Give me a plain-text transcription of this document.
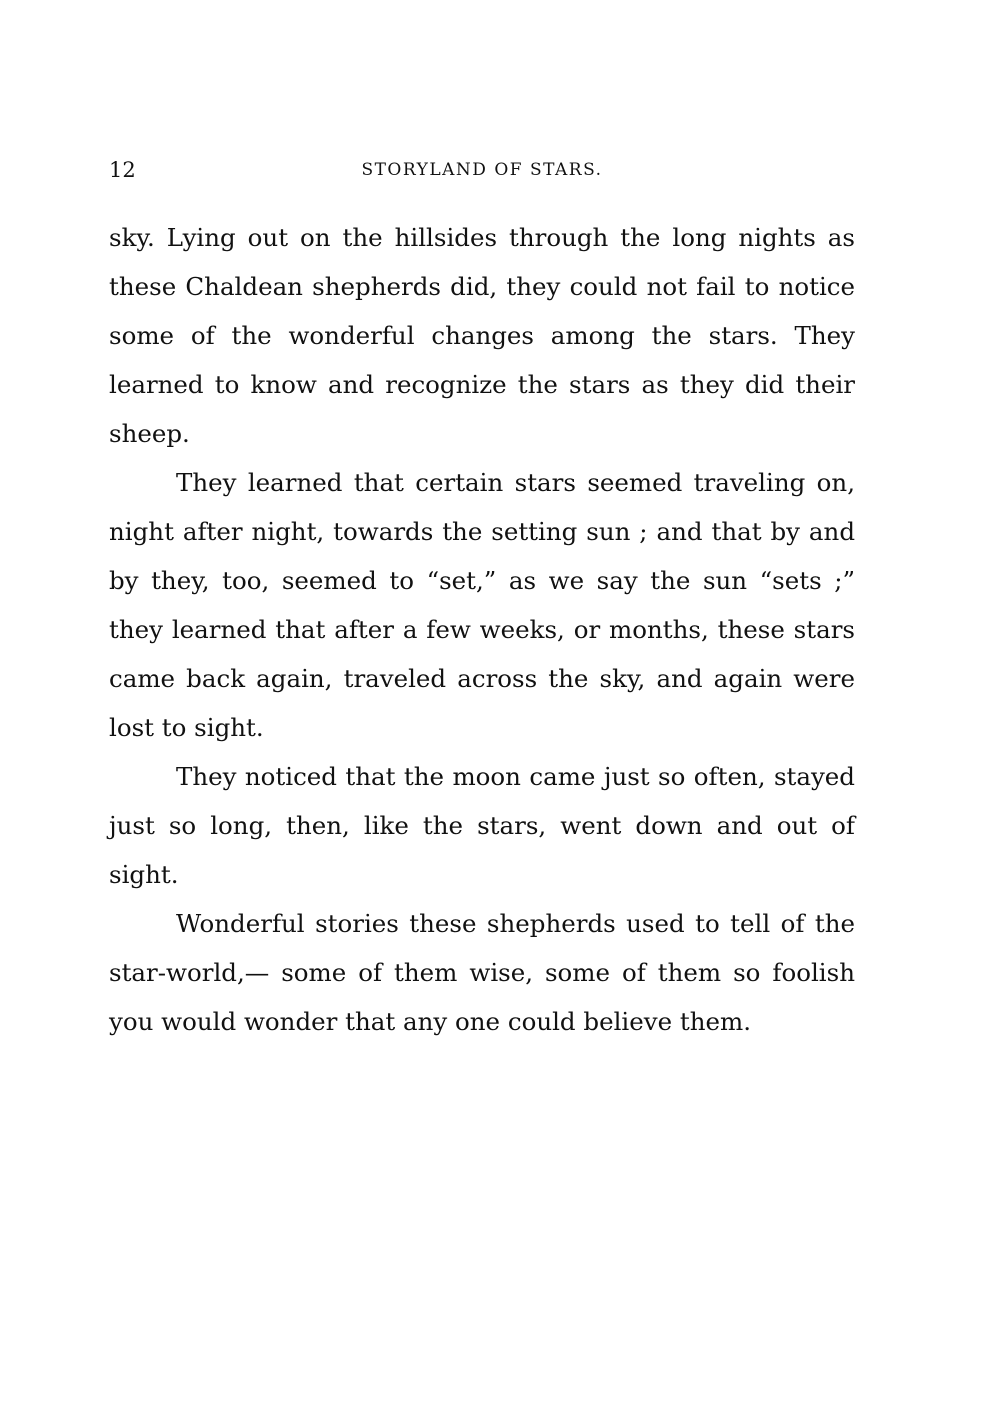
12	STORYLAND OF STARS.

sky. Lying out on the hillsides through the long nights as these Chaldean shepherds did, they could not fail to notice some of the wonderful changes among the stars. They learned to know and recognize the stars as they did their sheep.

They learned that certain stars seemed traveling on, night after night, towards the setting sun ; and that by and by they, too, seemed to “set,” as we say the sun “sets ;” they learned that after a few weeks, or months, these stars came back again, traveled across the sky, and again were lost to sight.

They noticed that the moon came just so often, stayed just so long, then, like the stars, went down and out of sight.

Wonderful stories these shepherds used to tell of the star-world,— some of them wise, some of them so foolish you would wonder that any one could believe them.
